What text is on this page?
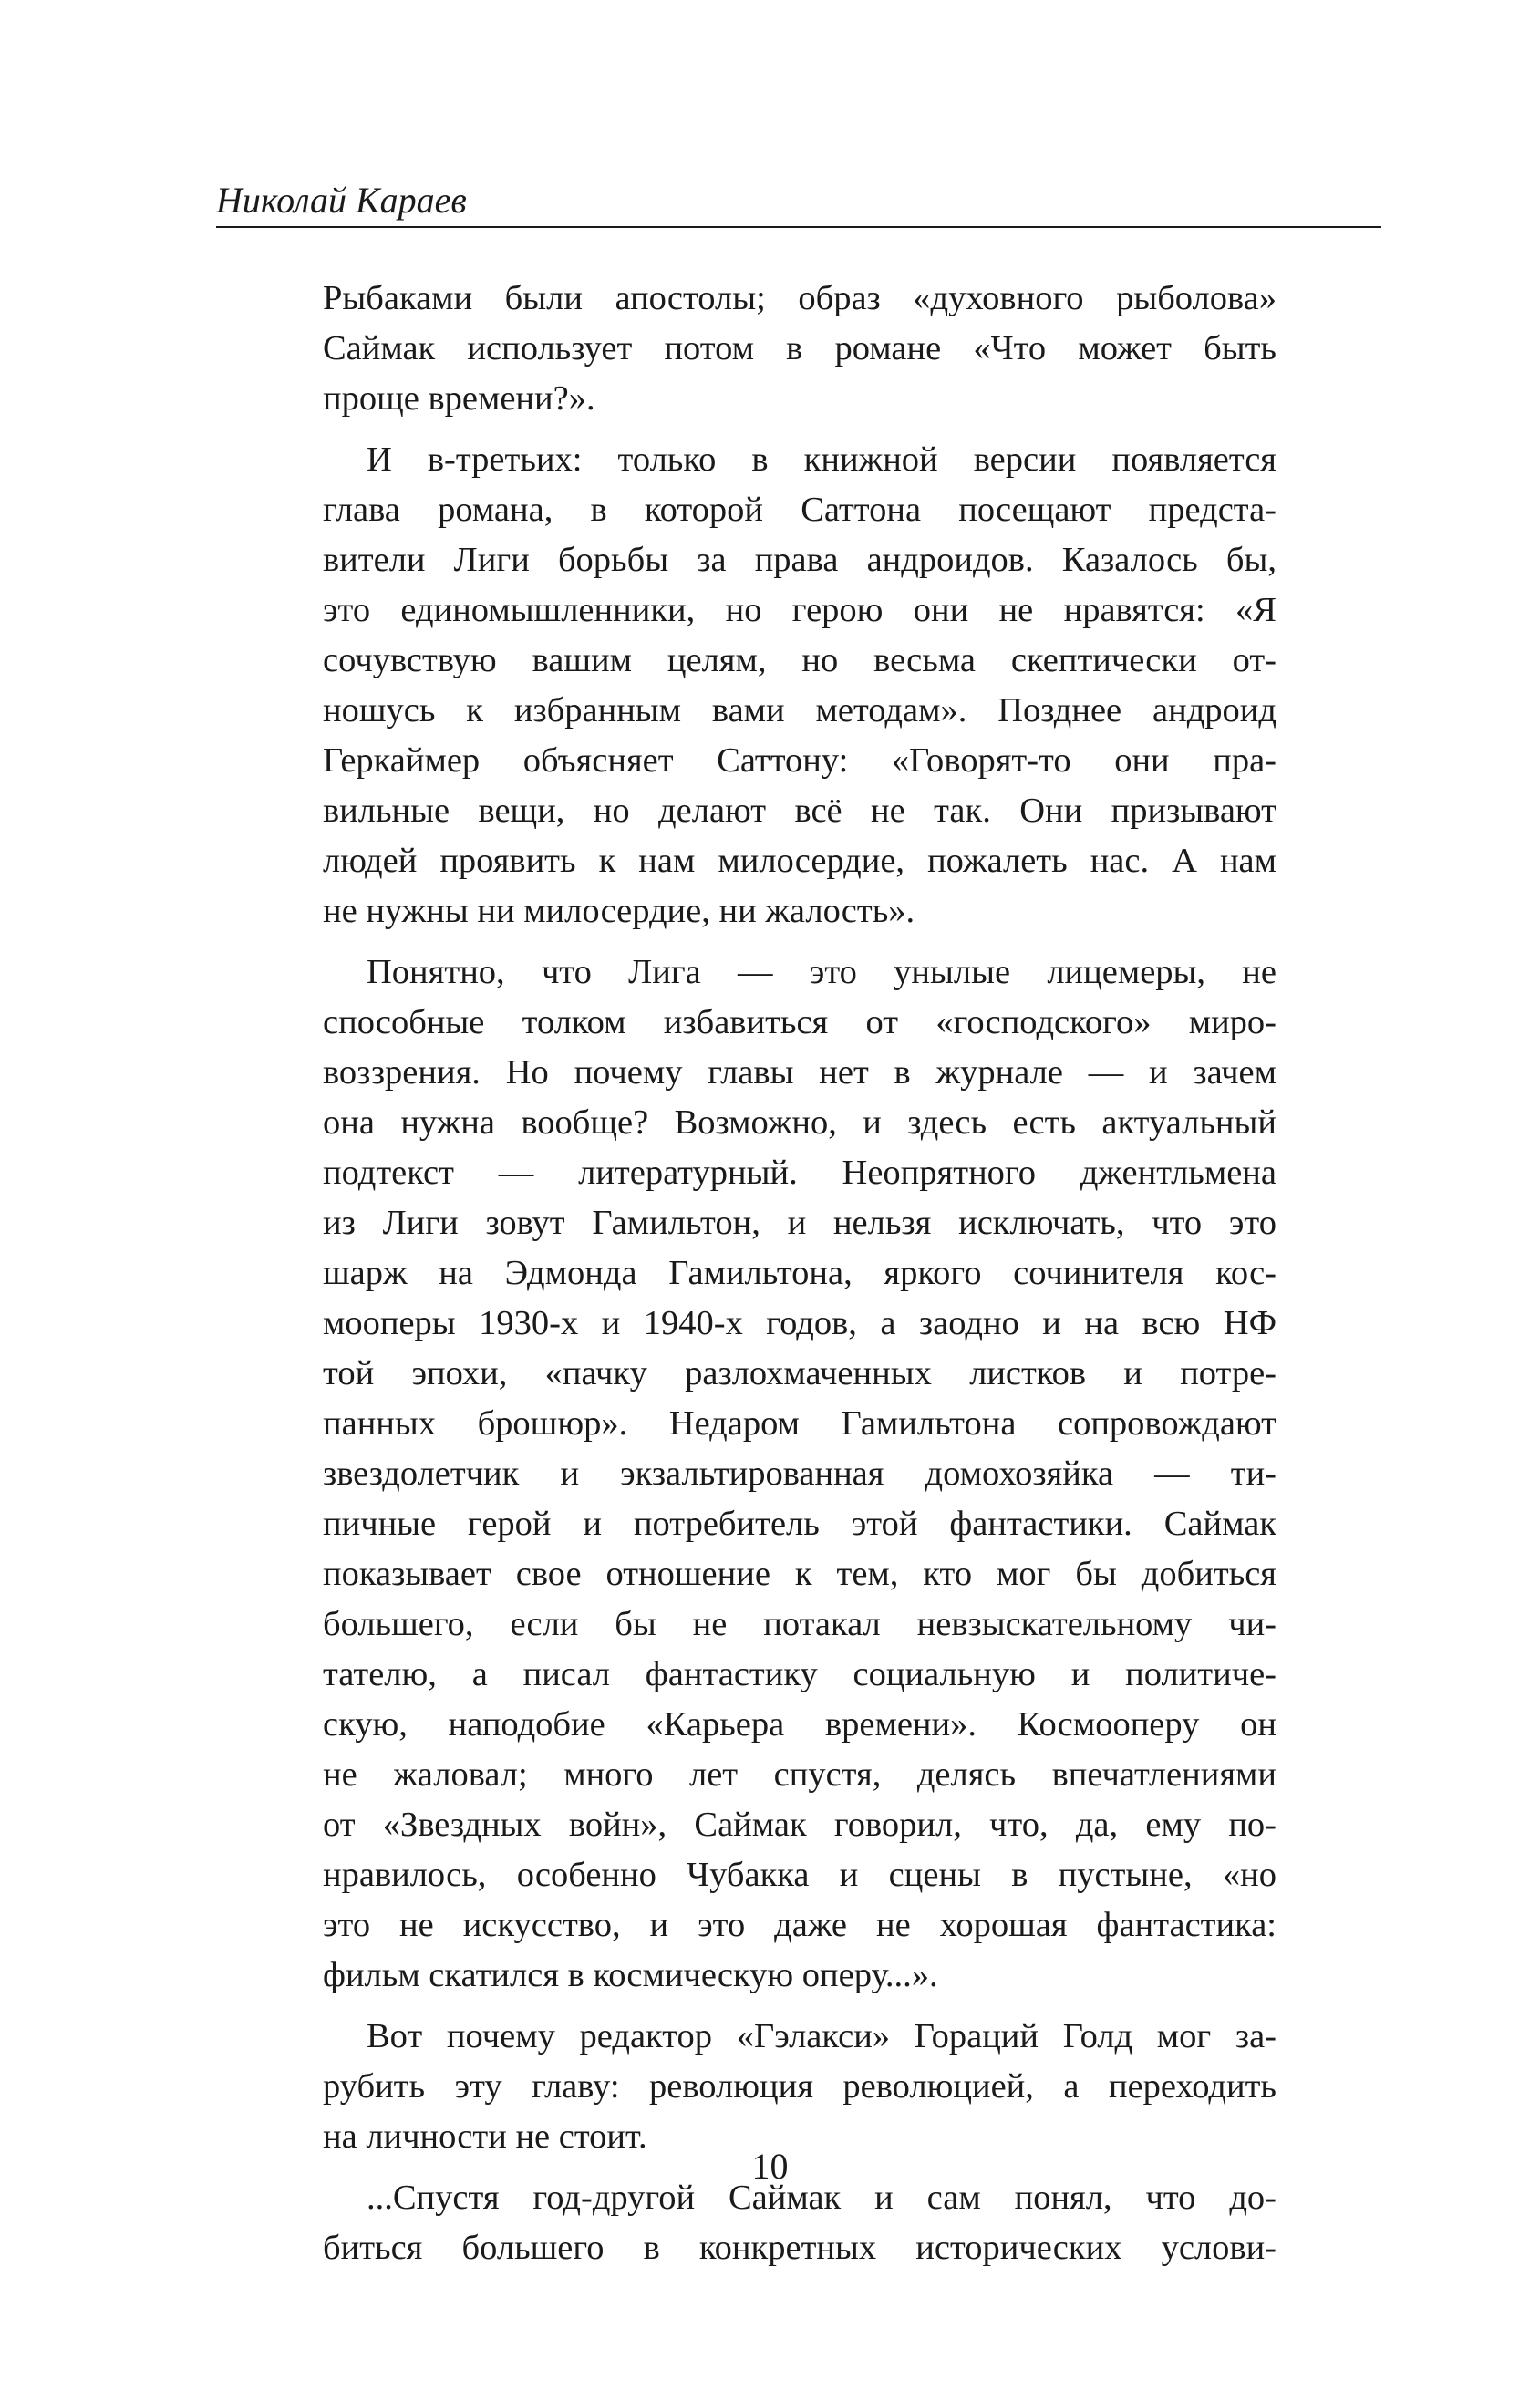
Николай Караев
Рыбаками были апостолы; образ «духовного рыболова»
Саймак использует потом в романе «Что может быть
проще времени?».
И в-третьих: только в книжной версии появляется
глава романа, в которой Саттона посещают предста-
вители Лиги борьбы за права андроидов. Казалось бы,
это единомышленники, но герою они не нравятся: «Я
сочувствую вашим целям, но весьма скептически от-
ношусь к избранным вами методам». Позднее андроид
Геркаймер объясняет Саттону: «Говорят-то они пра-
вильные вещи, но делают всё не так. Они призывают
людей проявить к нам милосердие, пожалеть нас. А нам
не нужны ни милосердие, ни жалость».
Понятно, что Лига — это унылые лицемеры, не
способные толком избавиться от «господского» миро-
воззрения. Но почему главы нет в журнале — и зачем
она нужна вообще? Возможно, и здесь есть актуальный
подтекст — литературный. Неопрятного джентльмена
из Лиги зовут Гамильтон, и нельзя исключать, что это
шарж на Эдмонда Гамильтона, яркого сочинителя кос-
мооперы 1930-х и 1940-х годов, а заодно и на всю НФ
той эпохи, «пачку разлохмаченных листков и потре-
панных брошюр». Недаром Гамильтона сопровождают
звездолетчик и экзальтированная домохозяйка — ти-
пичные герой и потребитель этой фантастики. Саймак
показывает свое отношение к тем, кто мог бы добиться
большего, если бы не потакал невзыскательному чи-
тателю, а писал фантастику социальную и политиче-
скую, наподобие «Карьера времени». Космооперу он
не жаловал; много лет спустя, делясь впечатлениями
от «Звездных войн», Саймак говорил, что, да, ему по-
нравилось, особенно Чубакка и сцены в пустыне, «но
это не искусство, и это даже не хорошая фантастика:
фильм скатился в космическую оперу...».
Вот почему редактор «Гэлакси» Гораций Голд мог за-
рубить эту главу: революция революцией, а переходить
на личности не стоит.
...Спустя год-другой Саймак и сам понял, что до-
биться большего в конкретных исторических услови-
10
